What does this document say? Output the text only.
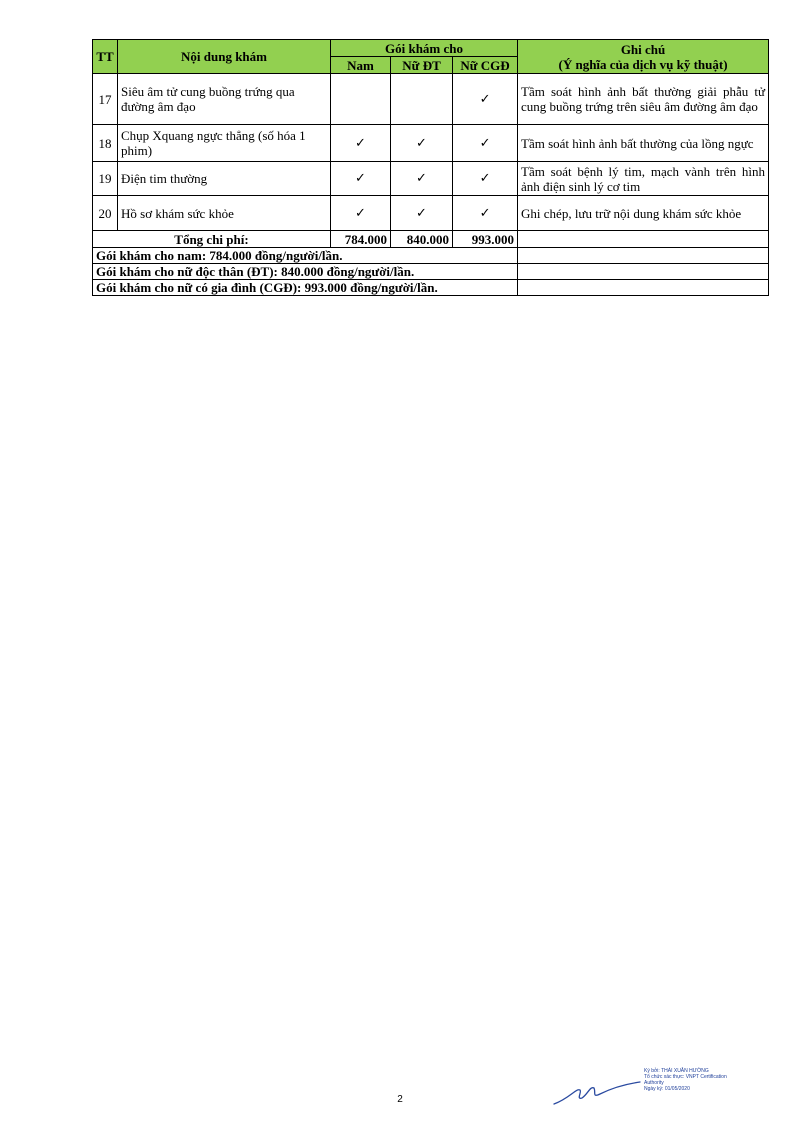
TT	Nội dung khám	Gói khám cho			Ghi chú
(Ý nghĩa của dịch vụ kỹ thuật)

		Nam	Nữ ĐT	Nữ CGĐ	
17	Siêu âm tử cung buồng trứng qua đường âm đạo			✓	Tầm soát hình ảnh bất thường giải phẫu tử cung buồng trứng trên siêu âm đường âm đạo
18	Chụp Xquang ngực thẳng (số hóa 1 phim)	✓	✓	✓	Tầm soát hình ảnh bất thường của lồng ngực
19	Điện tim thường	✓	✓	✓	Tầm soát bệnh lý tim, mạch vành trên hình ảnh điện sinh lý cơ tim
20	Hồ sơ khám sức khỏe	✓	✓	✓	Ghi chép, lưu trữ nội dung khám sức khỏe
Tổng chi phí:		784.000	840.000	993.000	
Gói khám cho nam: 784.000 đồng/người/lần.					
Gói khám cho nữ độc thân (ĐT): 840.000 đồng/người/lần.					
Gói khám cho nữ có gia đình (CGĐ): 993.000 đồng/người/lần.					
2
Ký bởi: THÁI XUÂN HƯỜNG
Tổ chức xác thực: VNPT Certification
Authority
Ngày ký: 01/05/2020
